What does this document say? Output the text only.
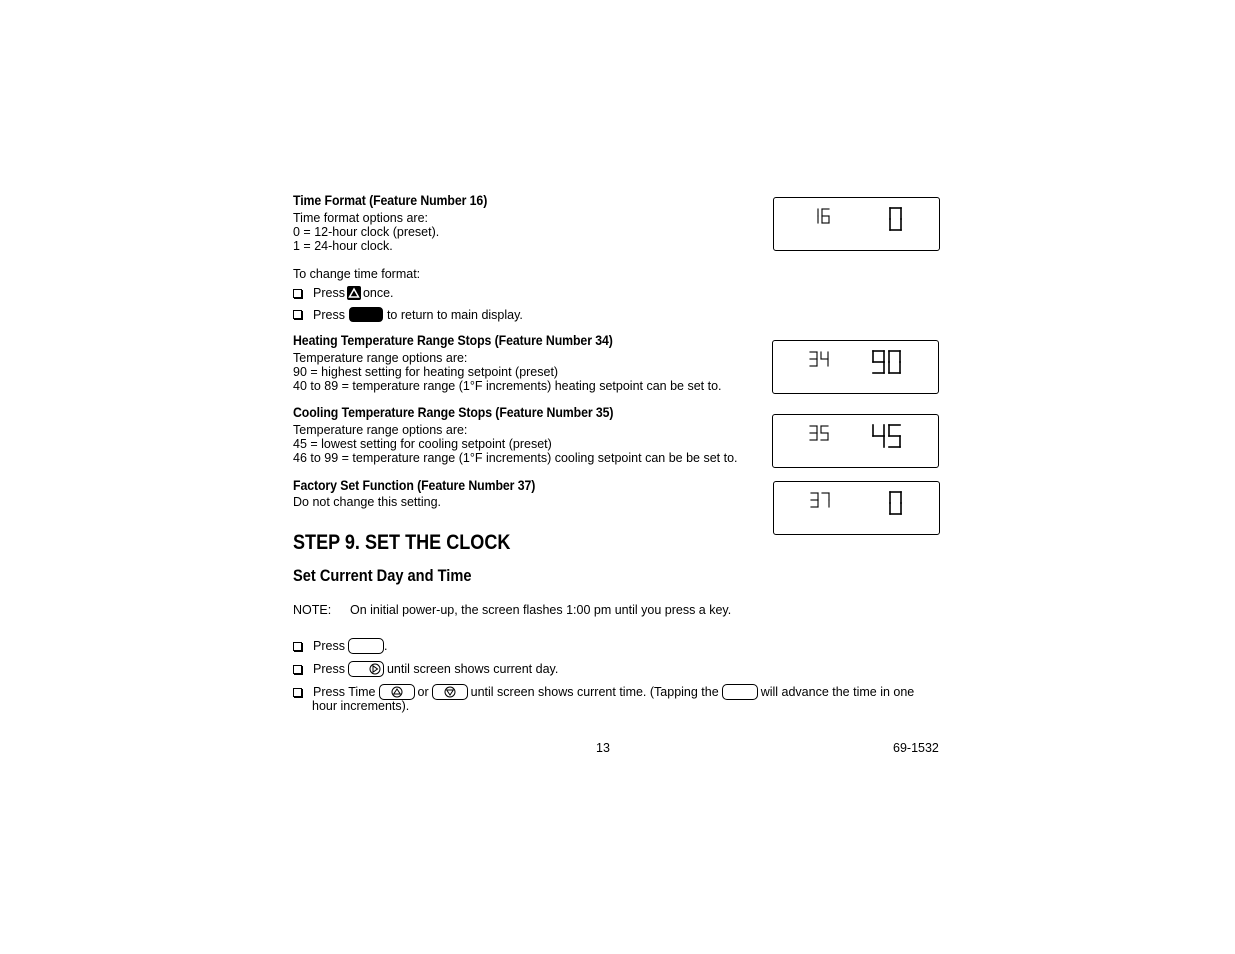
Time Format (Feature Number 16)
Time format options are:
0 = 12-hour clock (preset).
1 = 24-hour clock.
To change time format:
Press once.
Press	to return to main display.
Heating Temperature Range Stops (Feature Number 34)
Temperature range options are:
90 = highest setting for heating setpoint (preset)
40 to 89 = temperature range (1°F increments) heating setpoint can be set to.
Cooling Temperature Range Stops (Feature Number 35)
Temperature range options are:
45 = lowest setting for cooling setpoint (preset)
46 to 99 = temperature range (1°F increments) cooling setpoint can be be set to.
Factory Set Function (Feature Number 37)
Do not change this setting.
STEP 9. SET THE CLOCK
Set Current Day and Time
NOTE: On initial power-up, the screen flashes 1:00 pm until you press a key.
Press	.
Press	until screen shows current day.
Press Time	or	until screen shows current time. (Tapping the	will advance the time in one
hour increments).
13	69-1532
